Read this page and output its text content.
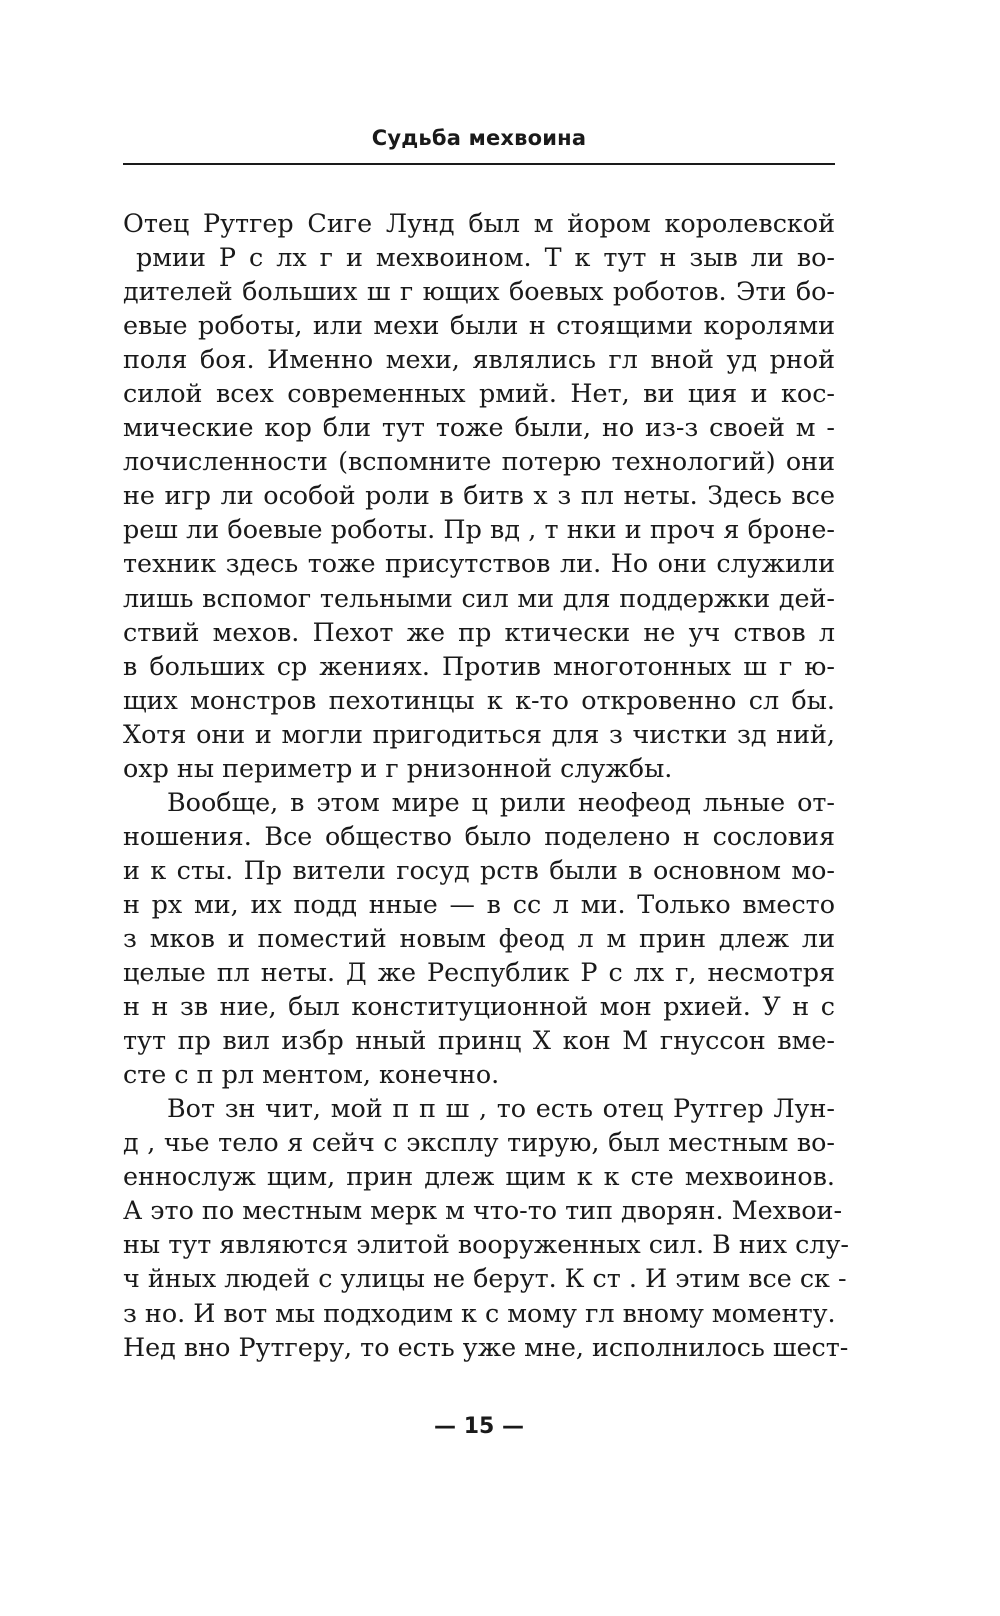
Судьба мехвоина
Отец Рутгер Сиге Лунд был м йором королевской
рмии Р с лх г и мехвоином. Т к тут н зыв ли во-
дителей больших ш г ющих боевых роботов. Эти бо-
евые роботы, или мехи были н стоящими королями
поля боя. Именно мехи, являлись гл вной уд рной
силой всех современных рмий. Нет, ви ция и кос-
мические кор бли тут тоже были, но из-з своей м -
лочисленности (вспомните потерю технологий) они
не игр ли особой роли в битв х з пл неты. Здесь все
реш ли боевые роботы. Пр вд , т нки и проч я броне-
техник здесь тоже присутствов ли. Но они служили
лишь вспомог тельными сил ми для поддержки дей-
ствий мехов. Пехот же пр ктически не уч ствов л
в больших ср жениях. Против многотонных ш г ю-
щих монстров пехотинцы к к-то откровенно сл бы.
Хотя они и могли пригодиться для з чистки зд ний,
охр ны периметр и г рнизонной службы.
Вообще, в этом мире ц рили неофеод льные от-
ношения. Все общество было поделено н сословия
и к сты. Пр вители госуд рств были в основном мо-
н рх ми, их подд нные — в сс л ми. Только вместо
з мков и поместий новым феод л м прин длеж ли
целые пл неты. Д же Республик Р с лх г, несмотря
н н зв ние, был конституционной мон рхией. У н с
тут пр вил избр нный принц Х кон М гнуссон вме-
сте с п рл ментом, конечно.
Вот зн чит, мой п п ш , то есть отец Рутгер Лун-
д , чье тело я сейч с эксплу тирую, был местным во-
еннослуж щим, прин длеж щим к к сте мехвоинов.
А это по местным мерк м что-то тип дворян. Мехвои-
ны тут являются элитой вооруженных сил. В них слу-
ч йных людей с улицы не берут. К ст . И этим все ск -
з но. И вот мы подходим к с мому гл вному моменту.
Нед вно Рутгеру, то есть уже мне, исполнилось шест-
— 15 —
